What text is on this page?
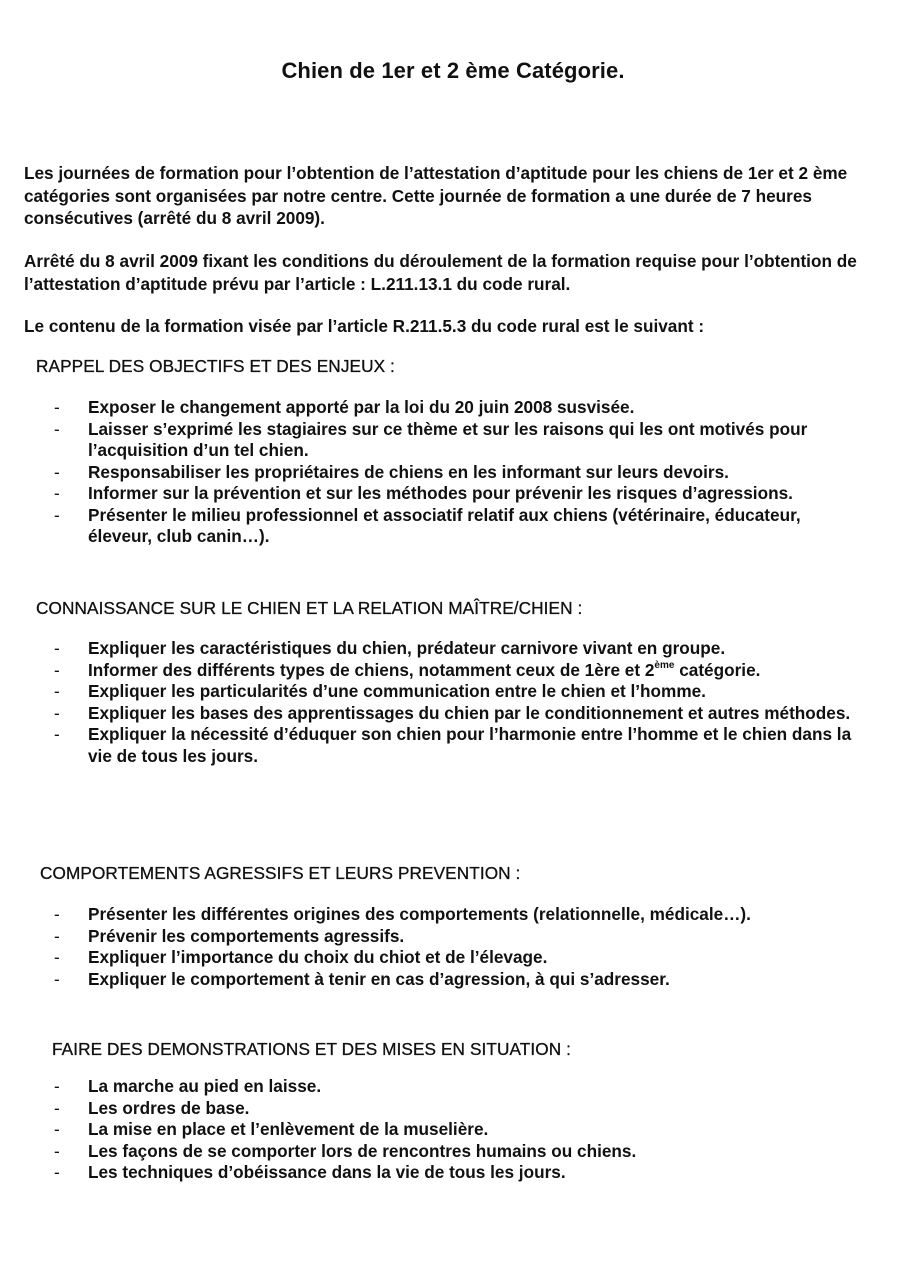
Chien de 1er et 2 ème Catégorie.

Les journées de formation pour l’obtention de l’attestation d’aptitude pour les chiens de 1er et 2 ème catégories sont organisées par notre centre. Cette journée de formation a une durée de 7 heures consécutives (arrêté du 8 avril 2009).

Arrêté du 8 avril 2009 fixant les conditions du déroulement de la formation requise pour l’obtention de l’attestation d’aptitude prévu par l’article : L.211.13.1 du code rural.

Le contenu de la formation visée par l’article R.211.5.3 du code rural est le suivant :

RAPPEL DES OBJECTIFS ET DES ENJEUX :
- Exposer le changement apporté par la loi du 20 juin 2008 susvisée.
- Laisser s’exprimé les stagiaires sur ce thème et sur les raisons qui les ont motivés pour l’acquisition d’un tel chien.
- Responsabiliser les propriétaires de chiens en les informant sur leurs devoirs.
- Informer sur la prévention et sur les méthodes pour prévenir les risques d’agressions.
- Présenter le milieu professionnel et associatif relatif aux chiens (vétérinaire, éducateur, éleveur, club canin…).
CONNAISSANCE SUR LE CHIEN ET LA RELATION MAÎTRE/CHIEN :
- Expliquer les caractéristiques du chien, prédateur carnivore vivant en groupe.
- Informer des différents types de chiens, notamment ceux de 1ère et 2ème catégorie.
- Expliquer les particularités d’une communication entre le chien et l’homme.
- Expliquer les bases des apprentissages du chien par le conditionnement et autres méthodes.
- Expliquer la nécessité d’éduquer son chien pour l’harmonie entre l’homme et le chien dans la vie de tous les jours.
COMPORTEMENTS AGRESSIFS ET LEURS PREVENTION :
- Présenter les différentes origines des comportements (relationnelle, médicale…).
- Prévenir les comportements agressifs.
- Expliquer l’importance du choix du chiot et de l’élevage.
- Expliquer le comportement à tenir en cas d’agression, à qui s’adresser.
FAIRE DES DEMONSTRATIONS ET DES MISES EN SITUATION :
- La marche au pied en laisse.
- Les ordres de base.
- La mise en place et l’enlèvement de la muselière.
- Les façons de se comporter lors de rencontres humains ou chiens.
- Les techniques d’obéissance dans la vie de tous les jours.
